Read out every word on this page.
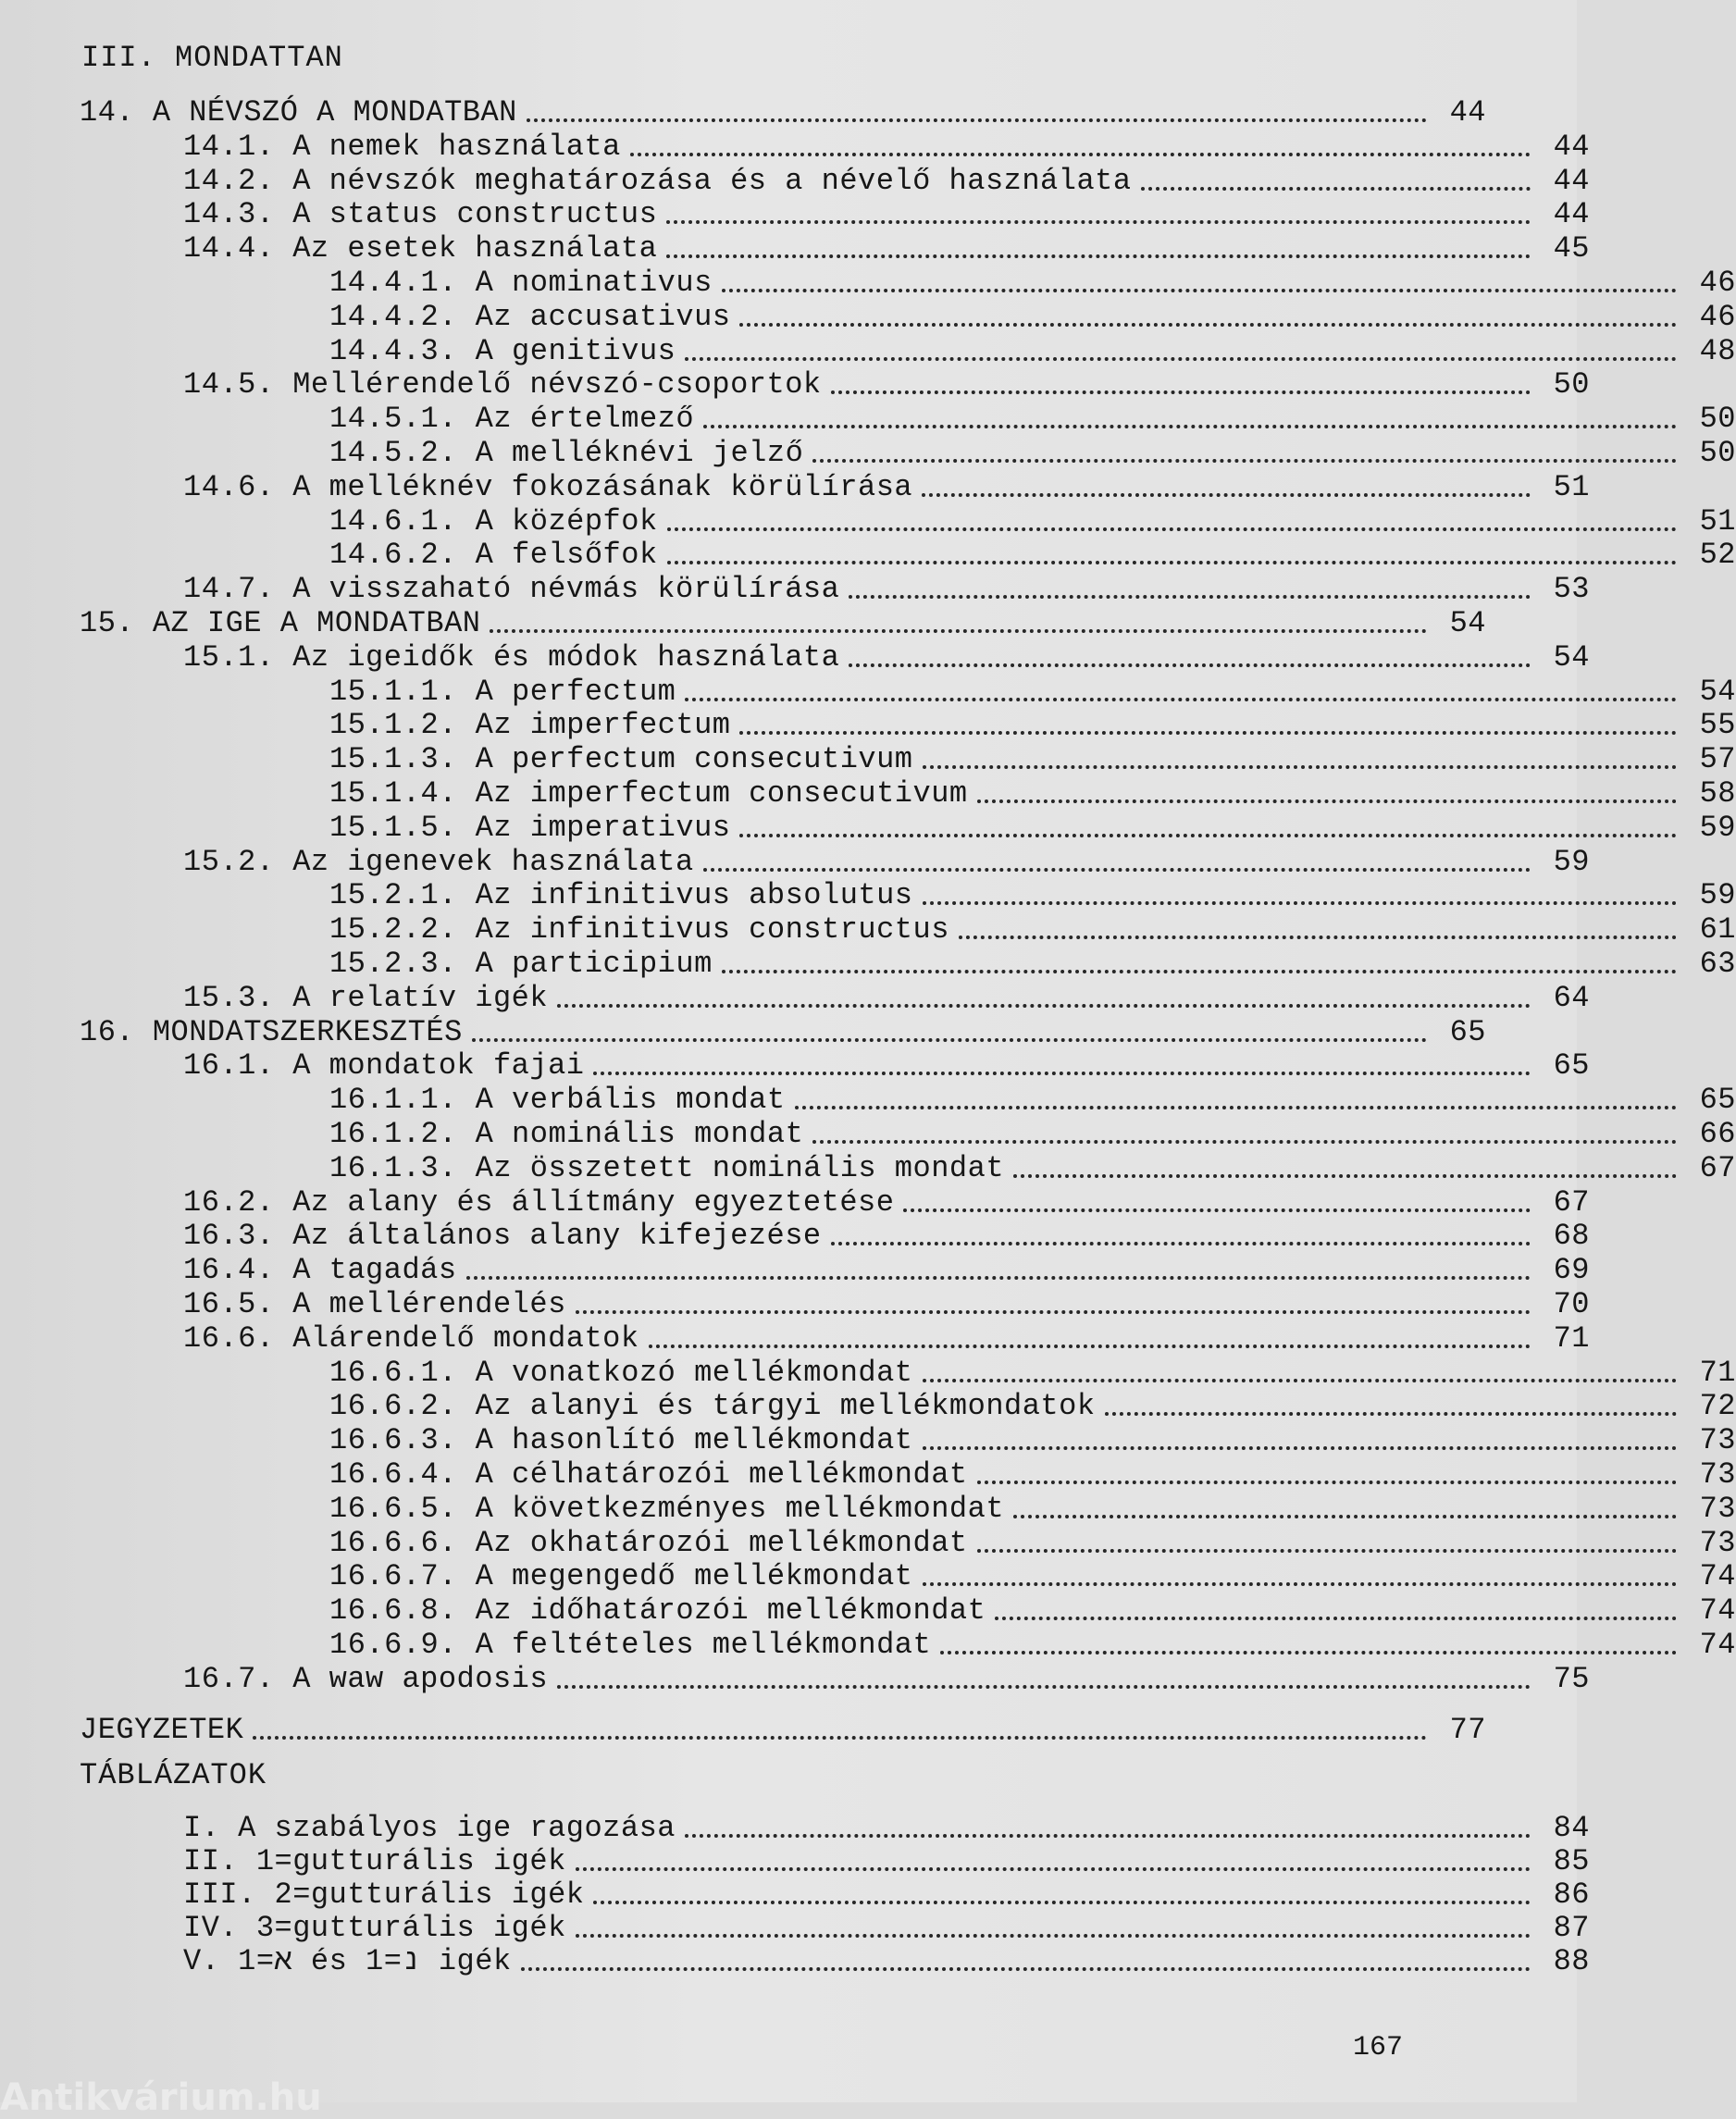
III. MONDATTAN
14. A NÉVSZÓ A MONDATBAN	44
14.1. A nemek használata	44
14.2. A névszók meghatározása és a névelő használata	44
14.3. A status constructus	44
14.4. Az esetek használata	45
14.4.1. A nominativus	46
14.4.2. Az accusativus	46
14.4.3. A genitivus	48
14.5. Mellérendelő névszó-csoportok	50
14.5.1. Az értelmező	50
14.5.2. A melléknévi jelző	50
14.6. A melléknév fokozásának körülírása	51
14.6.1. A középfok	51
14.6.2. A felsőfok	52
14.7. A visszaható névmás körülírása	53
15. AZ IGE A MONDATBAN	54
15.1. Az igeidők és módok használata	54
15.1.1. A perfectum	54
15.1.2. Az imperfectum	55
15.1.3. A perfectum consecutivum	57
15.1.4. Az imperfectum consecutivum	58
15.1.5. Az imperativus	59
15.2. Az igenevek használata	59
15.2.1. Az infinitivus absolutus	59
15.2.2. Az infinitivus constructus	61
15.2.3. A participium	63
15.3. A relatív igék	64
16. MONDATSZERKESZTÉS	65
16.1. A mondatok fajai	65
16.1.1. A verbális mondat	65
16.1.2. A nominális mondat	66
16.1.3. Az összetett nominális mondat	67
16.2. Az alany és állítmány egyeztetése	67
16.3. Az általános alany kifejezése	68
16.4. A tagadás	69
16.5. A mellérendelés	70
16.6. Alárendelő mondatok	71
16.6.1. A vonatkozó mellékmondat	71
16.6.2. Az alanyi és tárgyi mellékmondatok	72
16.6.3. A hasonlító mellékmondat	73
16.6.4. A célhatározói mellékmondat	73
16.6.5. A következményes mellékmondat	73
16.6.6. Az okhatározói mellékmondat	73
16.6.7. A megengedő mellékmondat	74
16.6.8. Az időhatározói mellékmondat	74
16.6.9. A feltételes mellékmondat	74
16.7. A waw apodosis	75
JEGYZETEK	77
TÁBLÁZATOK
I. A szabályos ige ragozása	84
II. 1=gutturális igék	85
III. 2=gutturális igék	86
IV. 3=gutturális igék	87
V. 1=א és 1=נ igék	88
167
Antikvárium.hu
